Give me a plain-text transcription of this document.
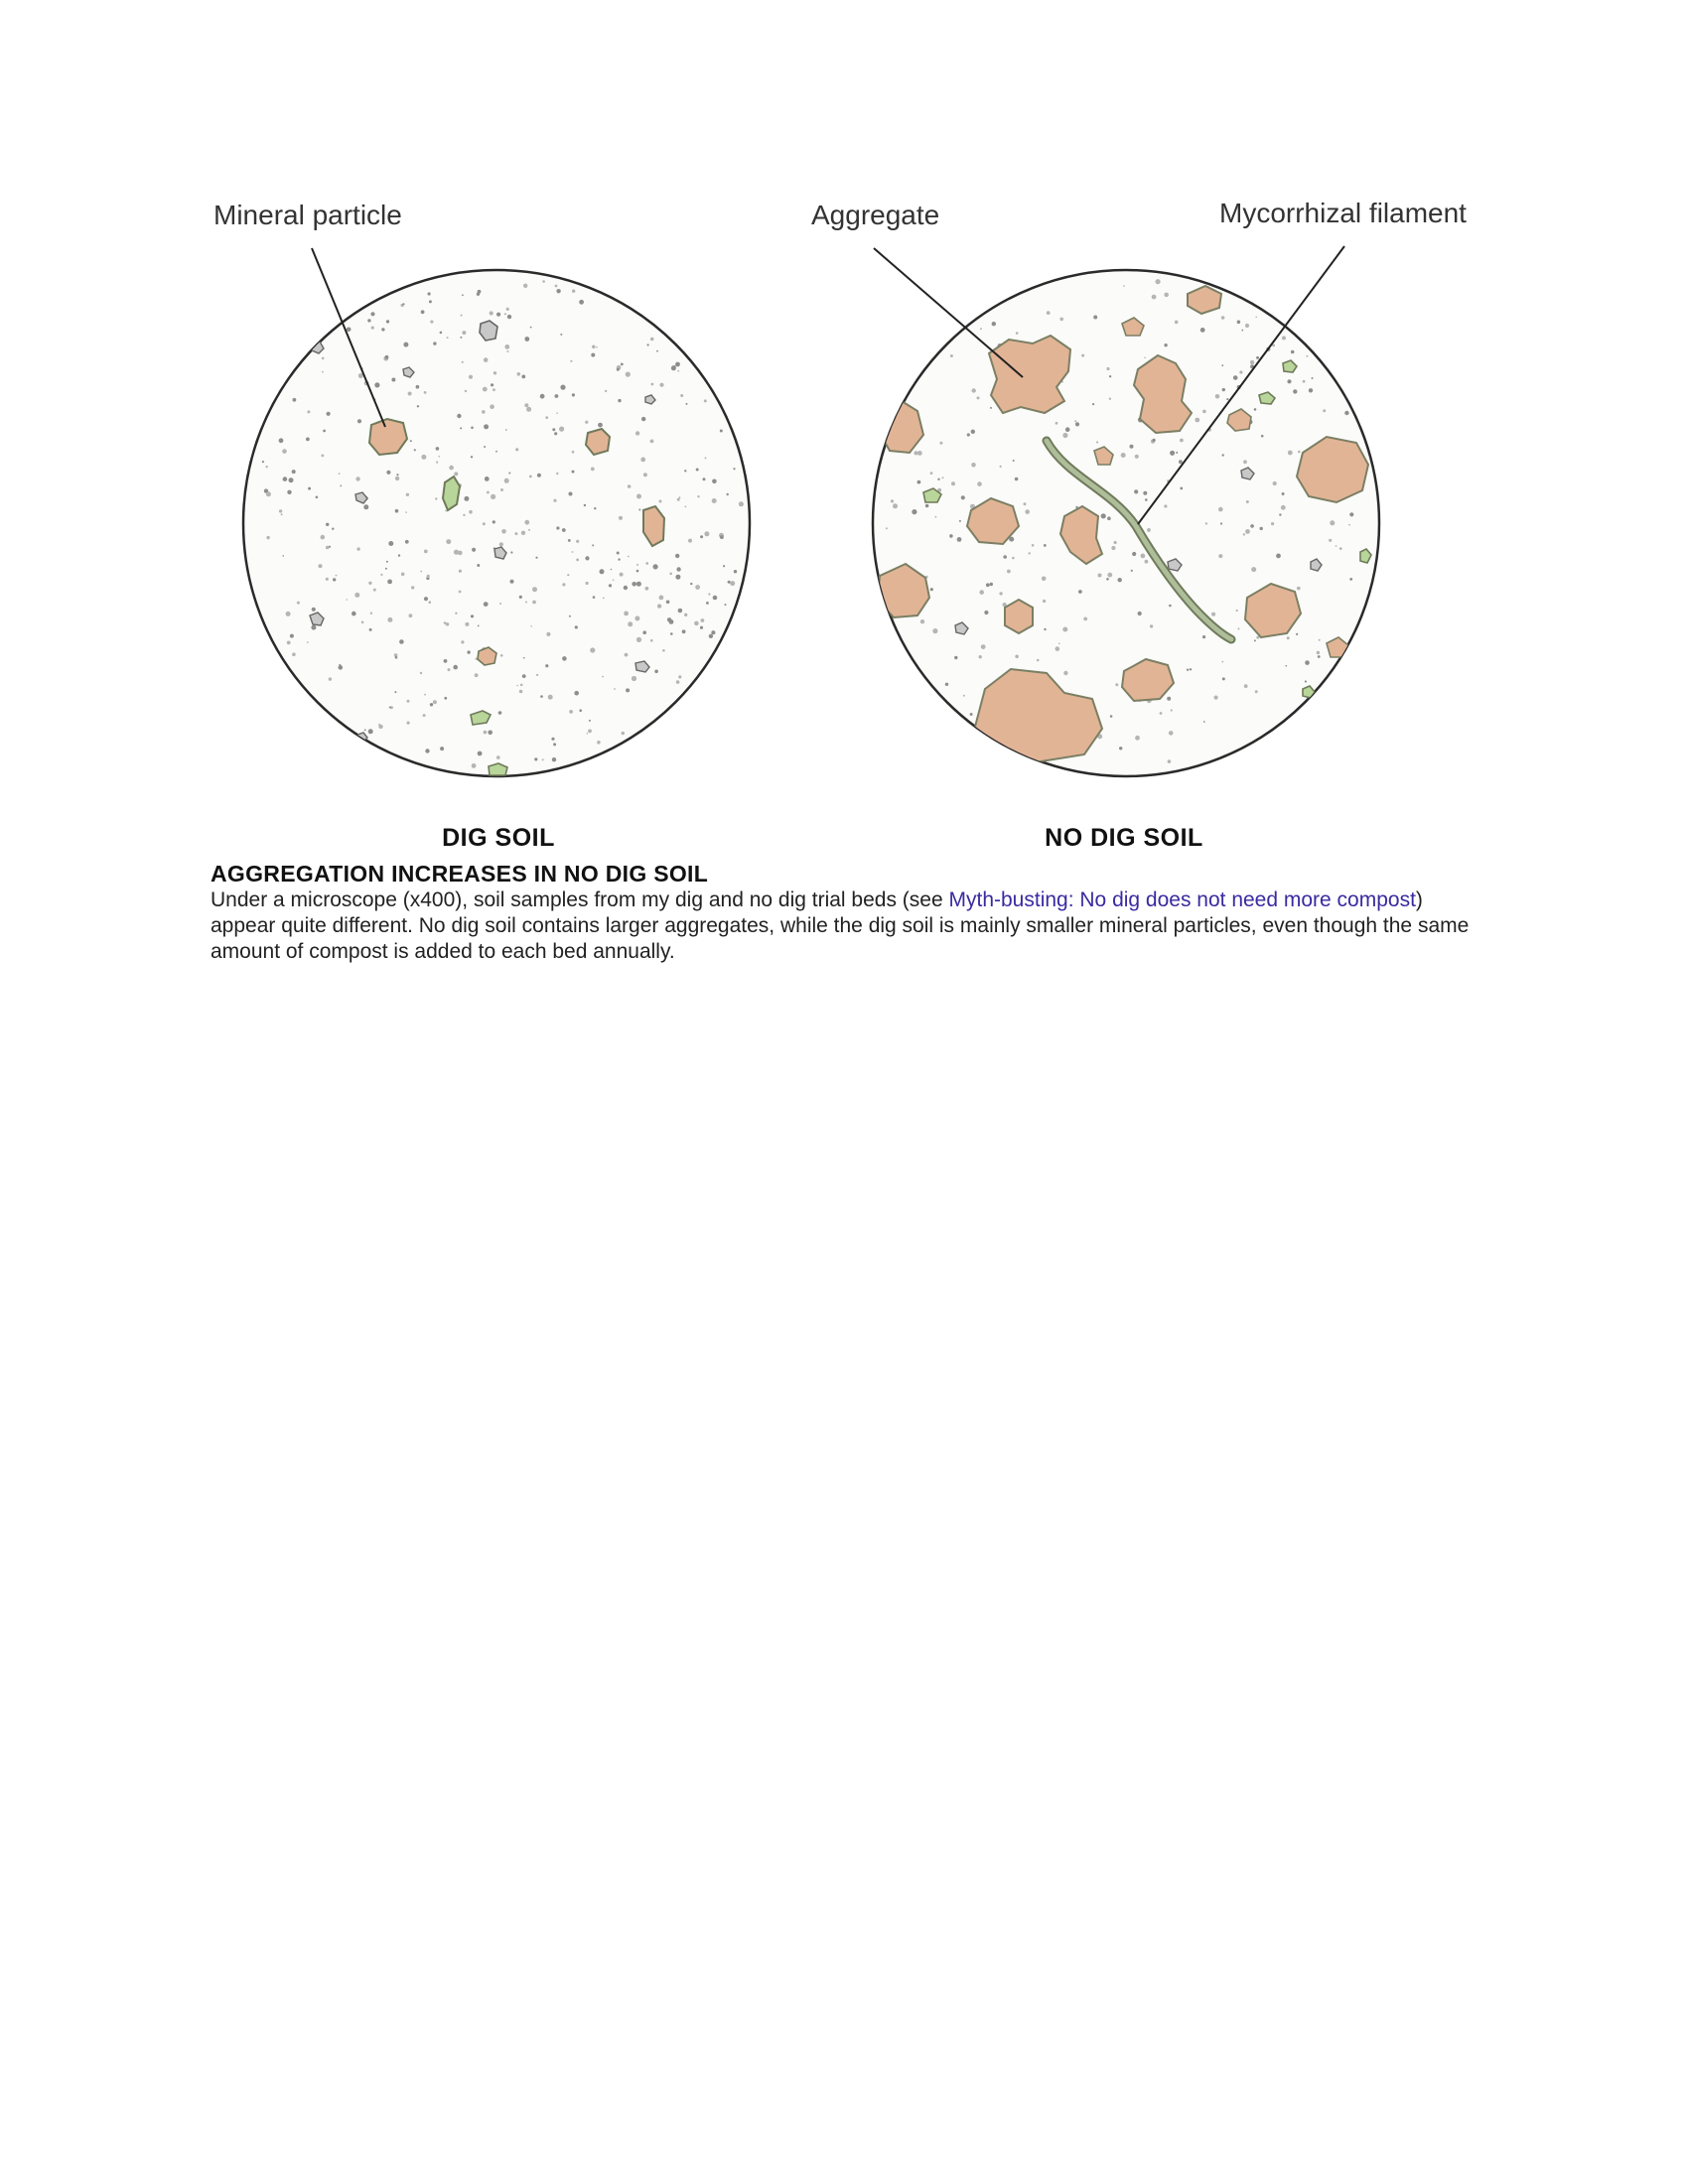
Mineral particle	Aggregate	Mycorrhizal filament
DIG SOIL	NO DIG SOIL
AGGREGATION INCREASES IN NO DIG SOIL

Under a microscope (x400), soil samples from my dig and no dig trial beds (see Myth-busting: No dig does not need more compost) appear quite different. No dig soil contains larger aggregates, while the dig soil is mainly smaller mineral particles, even though the same amount of compost is added to each bed annually.
